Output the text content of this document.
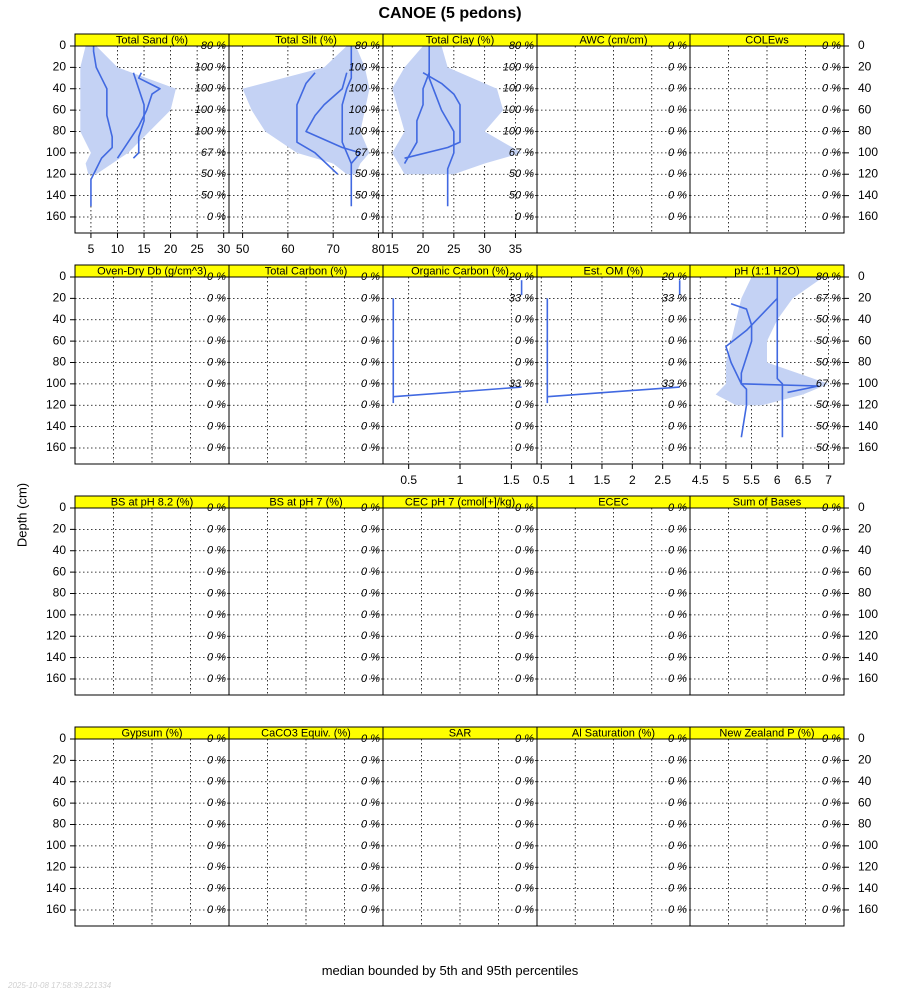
CANOE (5 pedons)
Depth (cm)
Total Sand (%) 80 %
100 %
100 %
100 %
100 %
67 %
50 %
50 %
0 %
0
20
40
60
80
100
120
140
160
5 10 15 20 25 30
Total Silt (%) 80 %
100 %
100 %
100 %
100 %
67 %
50 %
50 %
0 %
50	60	70	80
Total Clay (%) 80 %
100 %
100 %
100 %
100 %
67 %
50 %
50 %
0 %
15 20 25 30 35
AWC (cm/cm) 0 %
0 %
0 %
0 %
0 %
0 %
0 %
0 %
0 %
COLEws	0 %
0 %
0 %
0 %
0 %
0 %
0 %
0 %
0 %
0
20
40
60
80
100
120
140
160
Oven-Dry Db (g/cm^3) 0 %
0 %
0 %
0 %
0 %
0 %
0 %
0 %
0 %
0
20
40
60
80
100
120
140
160
Total Carbon (%) 0 %
0 %
0 %
0 %
0 %
0 %
0 %
0 %
0 %
Organic Carbon (%) 20 %
33 %
0 %
0 %
0 %
33 %
0 %
0 %
0 %
0.5	1	1.5
Est. OM (%) 20 %
33 %
0 %
0 %
0 %
33 %
0 %
0 %
0 %
0.5 1 1.5 2 2.5
pH (1:1 H2O) 80 %
67 %
50 %
50 %
50 %
67 %
50 %
50 %
50 %
0
20
40
60
80
100
120
140
160
4.5 5 5.5 6 6.5 7
BS at pH 8.2 (%) 0 %
0 %
0 %
0 %
0 %
0 %
0 %
0 %
0 %
0
20
40
60
80
100
120
140
160
BS at pH 7 (%) 0 %
0 %
0 %
0 %
0 %
0 %
0 %
0 %
0 %
CEC pH 7 (cmol[+]/kg) 0 %
0 %
0 %
0 %
0 %
0 %
0 %
0 %
0 %
ECEC	0 %
0 %
0 %
0 %
0 %
0 %
0 %
0 %
0 %
Sum of Bases 0 %
0 %
0 %
0 %
0 %
0 %
0 %
0 %
0 %
0
20
40
60
80
100
120
140
160
Gypsum (%) 0 %
0 %
0 %
0 %
0 %
0 %
0 %
0 %
0 %
0
20
40
60
80
100
120
140
160
CaCO3 Equiv. (%) 0 %
0 %
0 %
0 %
0 %
0 %
0 %
0 %
0 %
SAR	0 %
0 %
0 %
0 %
0 %
0 %
0 %
0 %
0 %
Al Saturation (%) 0 %
0 %
0 %
0 %
0 %
0 %
0 %
0 %
0 %
New Zealand P (%) 0 %
0 %
0 %
0 %
0 %
0 %
0 %
0 %
0 %
0
20
40
60
80
100
120
140
160
median bounded by 5th and 95th percentiles
2025-10-08 17:58:39.221334
